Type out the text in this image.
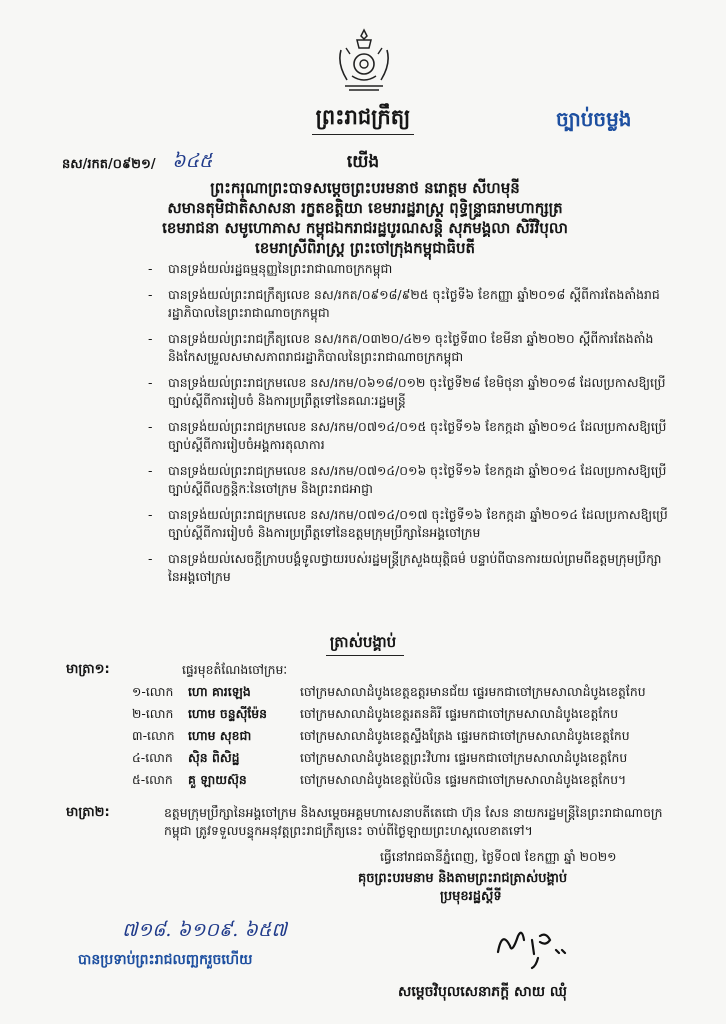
ព្រះរាជក្រឹត្យ	ច្បាប់ចម្លង
នស/រកត/០៩២១/ ៦៤៥	យើង
ព្រះករុណាព្រះបាទសម្តេចព្រះបរមនាថ នរោត្តម សីហមុនី
សមានតុមិជាតិសាសនា រក្ខតខត្តិយា ខេមរារដ្ឋរាស្ត្រ ពុទ្ធិន្ទ្រាធរាមហាក្សត្រ
ខេមរាជនា សមូហោភាស កម្ពុជឯករាជរដ្ឋបូរណសន្តិ សុភមង្គលា សិរីវិបុលា
ខេមរាស្រីពិរាស្ត្រ ព្រះចៅក្រុងកម្ពុជាធិបតី
-	បានទ្រង់យល់រដ្ឋធម្មនុញ្ញនៃព្រះរាជាណាចក្រកម្ពុជា
-	បានទ្រង់យល់ព្រះរាជក្រឹត្យលេខ នស/រកត/០៩១៨/៩២៥ ចុះថ្ងៃទី៦ ខែកញ្ញា ឆ្នាំ២០១៨ ស្តីពីការតែងតាំងរាជរដ្ឋាភិបាលនៃព្រះរាជាណាចក្រកម្ពុជា
-	បានទ្រង់យល់ព្រះរាជក្រឹត្យលេខ នស/រកត/០៣២០/៤២១ ចុះថ្ងៃទី៣០ ខែមីនា ឆ្នាំ២០២០ ស្តីពីការតែងតាំង និងកែសម្រួលសមាសភាពរាជរដ្ឋាភិបាលនៃព្រះរាជាណាចក្រកម្ពុជា
-	បានទ្រង់យល់ព្រះរាជក្រមលេខ នស/រកម/០៦១៨/០១២ ចុះថ្ងៃទី២៨ ខែមិថុនា ឆ្នាំ២០១៨ ដែលប្រកាសឱ្យប្រើច្បាប់ស្តីពីការរៀបចំ និងការប្រព្រឹត្តទៅនៃគណៈរដ្ឋមន្ត្រី
-	បានទ្រង់យល់ព្រះរាជក្រមលេខ នស/រកម/០៧១៤/០១៥ ចុះថ្ងៃទី១៦ ខែកក្កដា ឆ្នាំ២០១៤ ដែលប្រកាសឱ្យប្រើច្បាប់ស្តីពីការរៀបចំអង្គការតុលាការ
-	បានទ្រង់យល់ព្រះរាជក្រមលេខ នស/រកម/០៧១៤/០១៦ ចុះថ្ងៃទី១៦ ខែកក្កដា ឆ្នាំ២០១៤ ដែលប្រកាសឱ្យប្រើច្បាប់ស្តីពីលក្ខន្តិកៈនៃចៅក្រម និងព្រះរាជអាជ្ញា
-	បានទ្រង់យល់ព្រះរាជក្រមលេខ នស/រកម/០៧១៤/០១៧ ចុះថ្ងៃទី១៦ ខែកក្កដា ឆ្នាំ២០១៤ ដែលប្រកាសឱ្យប្រើច្បាប់ស្តីពីការរៀបចំ និងការប្រព្រឹត្តទៅនៃឧត្តមក្រុមប្រឹក្សានៃអង្គចៅក្រម
-	បានទ្រង់យល់សេចក្តីក្រាបបង្គំទូលថ្វាយរបស់រដ្ឋមន្ត្រីក្រសួងយុត្តិធម៌ បន្ទាប់ពីបានការយល់ព្រមពីឧត្តមក្រុមប្រឹក្សានៃអង្គចៅក្រម
ត្រាស់បង្គាប់
មាត្រា១:	ផ្ទេរមុខតំណែងចៅក្រមៈ
១-លោក	ហោ គារឡេង	ចៅក្រមសាលាដំបូងខេត្តឧត្តរមានជ័យ ផ្ទេរមកជាចៅក្រមសាលាដំបូងខេត្តកែប
២-លោក	ហោម ចន្ទសុីម៉ែន	ចៅក្រមសាលាដំបូងខេត្តរតនគិរី ផ្ទេរមកជាចៅក្រមសាលាដំបូងខេត្តកែប
៣-លោក	ហោម សុខជា	ចៅក្រមសាលាដំបូងខេត្តស្ទឹងត្រែង ផ្ទេរមកជាចៅក្រមសាលាដំបូងខេត្តកែប
៤-លោក	ស៊ិន ពិសិដ្ឋ	ចៅក្រមសាលាដំបូងខេត្តព្រះវិហារ ផ្ទេរមកជាចៅក្រមសាលាដំបូងខេត្តកែប
៥-លោក	គួ ឡាយស៊ុន	ចៅក្រមសាលាដំបូងខេត្តប៉ៃលិន ផ្ទេរមកជាចៅក្រមសាលាដំបូងខេត្តកែប។
មាត្រា២:	ឧត្តមក្រុមប្រឹក្សានៃអង្គចៅក្រម និងសម្តេចអគ្គមហាសេនាបតីតេជោ ហ៊ុន សែន នាយករដ្ឋមន្ត្រីនៃព្រះរាជាណាចក្រកម្ពុជា ត្រូវទទួលបន្ទុកអនុវត្តព្រះរាជក្រឹត្យនេះ ចាប់ពីថ្ងៃឡាយព្រះហស្តលេខាតទៅ។
ធ្វើនៅរាជធានីភ្នំពេញ, ថ្ងៃទី០៧ ខែកញ្ញា ឆ្នាំ ២០២១
គុចព្រះបរមនាម និងតាមព្រះរាជត្រាស់បង្គាប់
ប្រមុខរដ្ឋស្តីទី
៧១៨. ៦១០៩. ៦៥៧
បានប្រទាប់ព្រះរាជលញ្ឆករួចហើយ
សម្តេចវិបុលសេនាភក្តី សាយ ឈុំ
